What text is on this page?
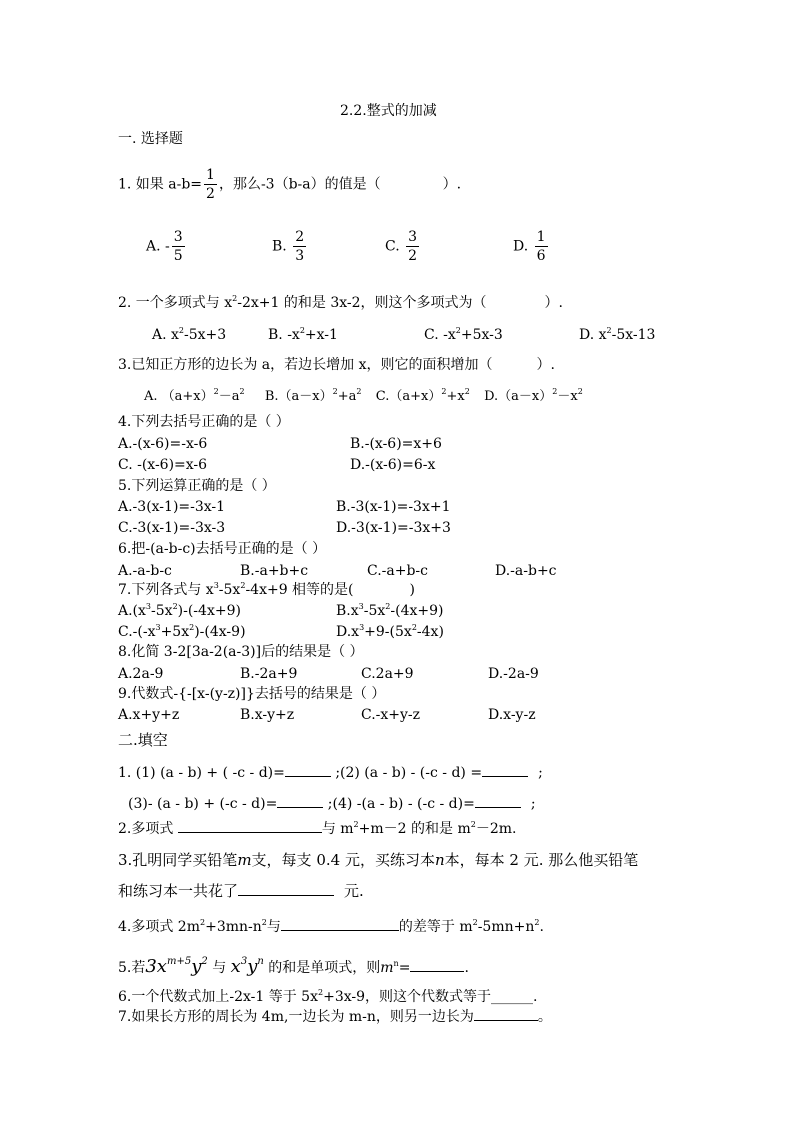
2.2.整式的加减
一. 选择题
1. 如果 $a-b= \frac{1}{2}$ ，那么-3（b-a）的值是（	）.
A. - $\frac{3}{5}$	B. $\frac{2}{3}$	C. $\frac{3}{2}$	D. $\frac{1}{6}$
2. 一个多项式与 $x^2-2x+1$ 的和是 3x-2，则这个多项式为（	）.
A. $x^2-5x+3$	B. $-x^2+x-1$	C. $-x^2+5x-3$	D. $x^2-5x-13$
3.已知正方形的边长为 a，若边长增加 x，则它的面积增加（	）.
A. $(a+x)^2-a^2$ $B.(a-x)^2+a^2$ $C.(a+x)^2+x^2$ $D.(a-x)^2-x^2$
4.下列去括号正确的是（ ）
A.-(x-6)=-x-6	B.-(x-6)=x+6
C. -(x-6)=x-6	D.-(x-6)=6-x
5.下列运算正确的是（ ）
A.-3(x-1)=-3x-1	B.-3(x-1)=-3x+1
C.-3(x-1)=-3x-3	D.-3(x-1)=-3x+3
6.把-(a-b-c)去括号正确的是（ ）
A.-a-b-c	B.-a+b+c	C.-a+b-c	D.-a-b+c
7.下列各式与 $x^3-5x^2-4x+9$ 相等的是(	)
$A.(x^3-5x^2)-(-4x+9)$	$B.x^3-5x^2-(4x+9)$
$C.-(-x^3+5x^2)-(4x-9)$	$D.x^3+9-(5x^2-4x)$
8.化简 3-2[3a-2(a-3)]后的结果是（ ）
A.2a-9	B.-2a+9	C.2a+9	D.-2a-9
9.代数式-{-[x-(y-z)]}去括号的结果是（ ）
A.x+y+z	B.x-y+z	C.-x+y-z	D.x-y-z
二.填空
1. (1) (a - b) + ( -c - d)=	;(2) (a - b) - (-c - d) =	;
(3)- (a - b) + (-c - d)=	;(4) -(a - b) - (-c - d)=	;
2.多项式	与 $m^2+m-2$ 的和是 $m^2-2m$.
3.孔明同学买铅笔m支，每支 0.4 元，买练习本n本，每本 2 元. 那么他买铅笔
和练习本一共花了	元.
4.多项式 $2m^2+3mn-n^2$与	的差等于 $m^2-5mn+n^2$.
5.若$3x^{m+5}y^2$ 与 $x^3y^n$ 的和是单项式，则$m^n=$	.
6.一个代数式加上-2x-1 等于 $5x^2+3x-9$，则这个代数式等于______.
7.如果长方形的周长为 4m,一边长为 m-n，则另一边长为	。
